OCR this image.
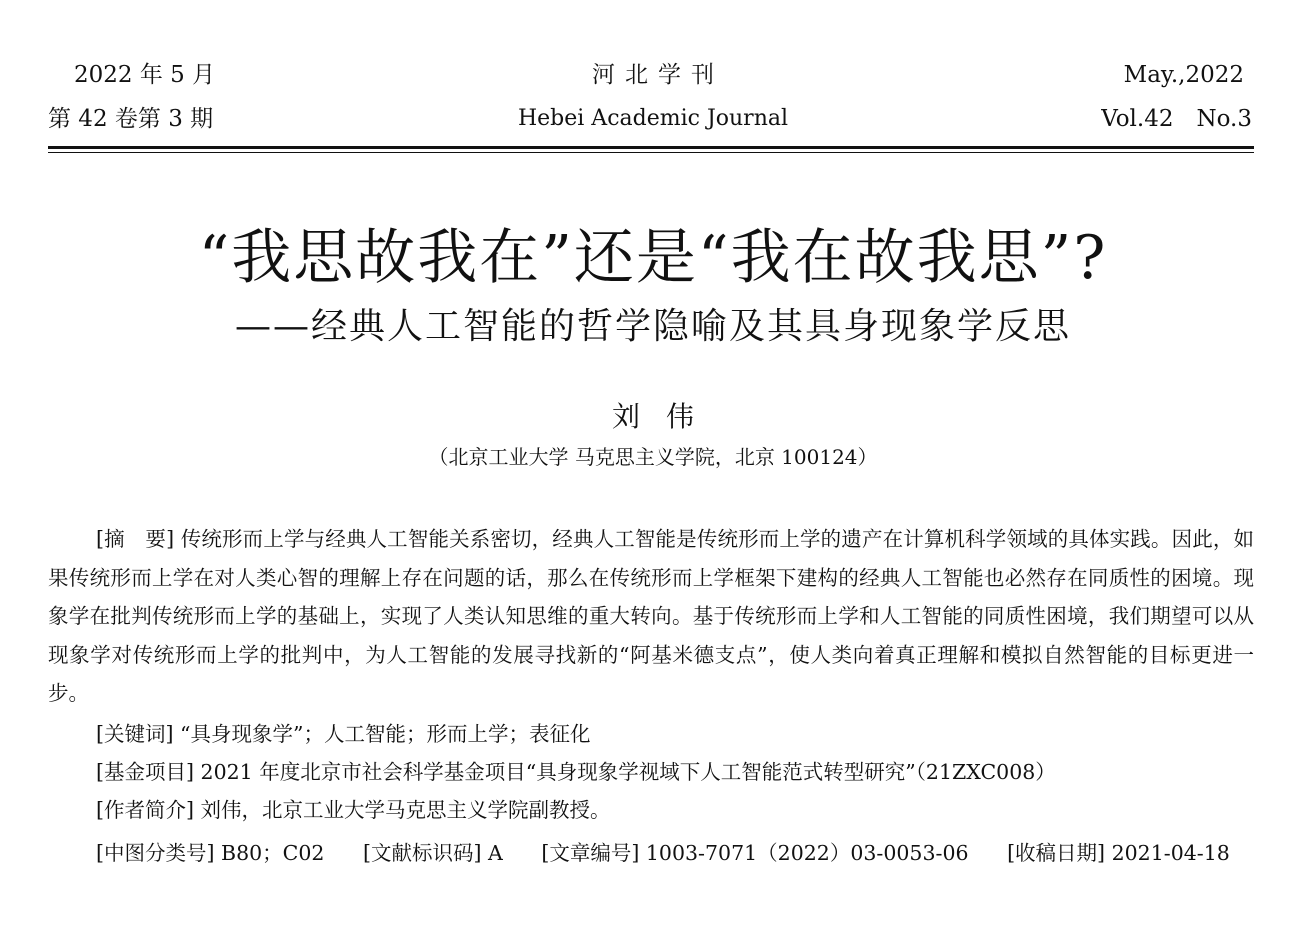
2022 年 5 月
第 42 卷第 3 期
河北学刊
Hebei Academic Journal
May.,2022
Vol.42　No.3
“我思故我在”还是“我在故我思”?
——经典人工智能的哲学隐喻及其具身现象学反思
刘伟
（北京工业大学 马克思主义学院，北京 100124）
[摘　要] 传统形而上学与经典人工智能关系密切，经典人工智能是传统形而上学的遗产在计算机科学领域的具体实践。因此，如果传统形而上学在对人类心智的理解上存在问题的话，那么在传统形而上学框架下建构的经典人工智能也必然存在同质性的困境。现象学在批判传统形而上学的基础上，实现了人类认知思维的重大转向。基于传统形而上学和人工智能的同质性困境，我们期望可以从现象学对传统形而上学的批判中，为人工智能的发展寻找新的“阿基米德支点”，使人类向着真正理解和模拟自然智能的目标更进一步。
[关键词] “具身现象学”；人工智能；形而上学；表征化
[基金项目] 2021 年度北京市社会科学基金项目“具身现象学视域下人工智能范式转型研究”（21ZXC008）
[作者简介] 刘伟，北京工业大学马克思主义学院副教授。
[中图分类号] B80；C02 [文献标识码] A [文章编号] 1003-7071（2022）03-0053-06 [收稿日期] 2021-04-18
